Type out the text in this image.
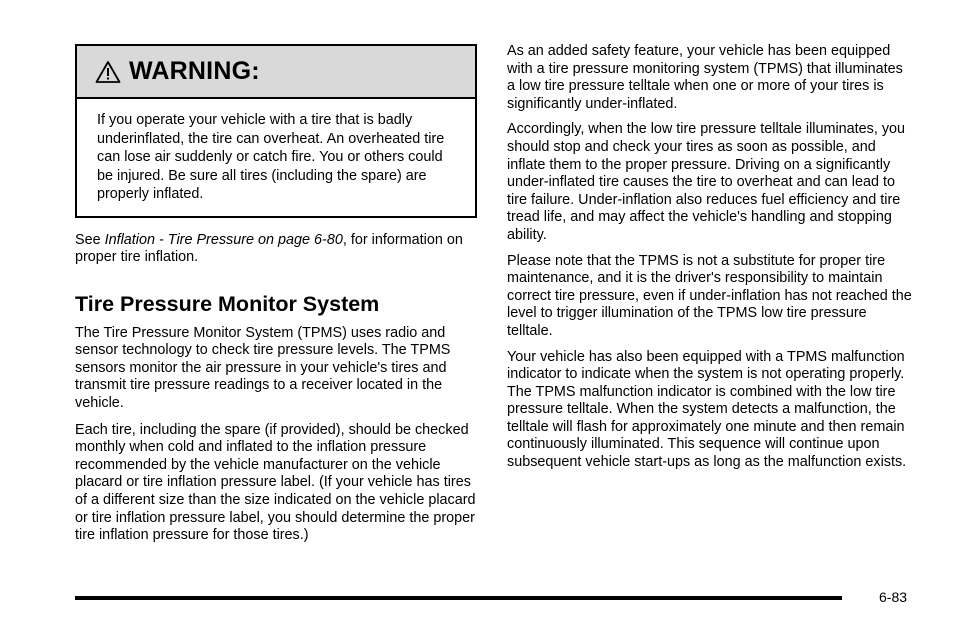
WARNING:
If you operate your vehicle with a tire that is badly underinflated, the tire can overheat. An overheated tire can lose air suddenly or catch fire. You or others could be injured. Be sure all tires (including the spare) are properly inflated.

See Inflation - Tire Pressure on page 6-80, for information on proper tire inflation.

Tire Pressure Monitor System

The Tire Pressure Monitor System (TPMS) uses radio and sensor technology to check tire pressure levels. The TPMS sensors monitor the air pressure in your vehicle's tires and transmit tire pressure readings to a receiver located in the vehicle.

Each tire, including the spare (if provided), should be checked monthly when cold and inflated to the inflation pressure recommended by the vehicle manufacturer on the vehicle placard or tire inflation pressure label. (If your vehicle has tires of a different size than the size indicated on the vehicle placard or tire inflation pressure label, you should determine the proper tire inflation pressure for those tires.)

As an added safety feature, your vehicle has been equipped with a tire pressure monitoring system (TPMS) that illuminates a low tire pressure telltale when one or more of your tires is significantly under-inflated.

Accordingly, when the low tire pressure telltale illuminates, you should stop and check your tires as soon as possible, and inflate them to the proper pressure. Driving on a significantly under-inflated tire causes the tire to overheat and can lead to tire failure. Under-inflation also reduces fuel efficiency and tire tread life, and may affect the vehicle's handling and stopping ability.

Please note that the TPMS is not a substitute for proper tire maintenance, and it is the driver's responsibility to maintain correct tire pressure, even if under-inflation has not reached the level to trigger illumination of the TPMS low tire pressure telltale.

Your vehicle has also been equipped with a TPMS malfunction indicator to indicate when the system is not operating properly. The TPMS malfunction indicator is combined with the low tire pressure telltale. When the system detects a malfunction, the telltale will flash for approximately one minute and then remain continuously illuminated. This sequence will continue upon subsequent vehicle start-ups as long as the malfunction exists.

6-83
